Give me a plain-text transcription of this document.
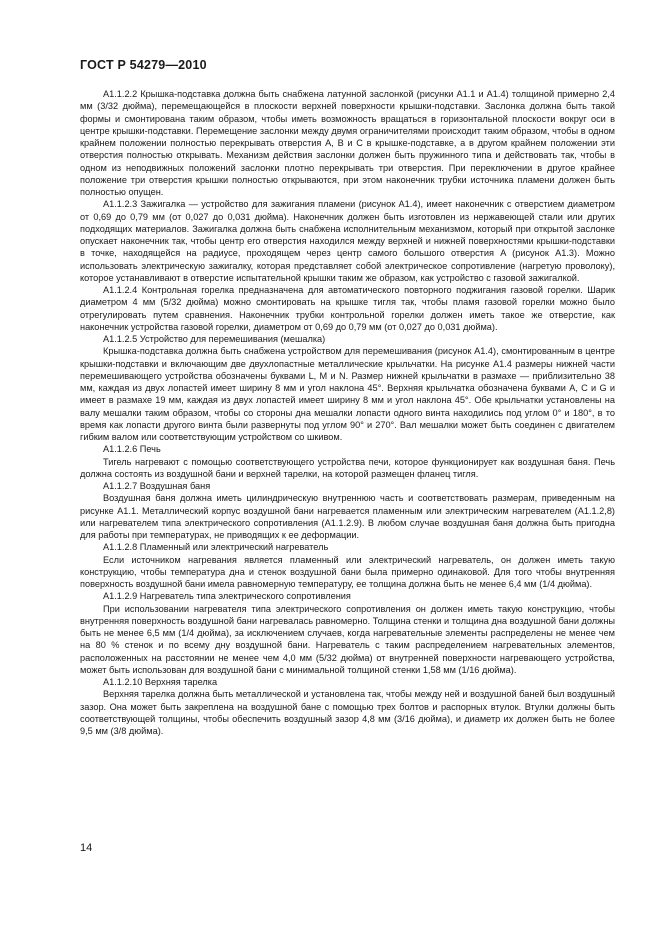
ГОСТ Р 54279—2010

А1.1.2.2 Крышка-подставка должна быть снабжена латунной заслонкой (рисунки А1.1 и А1.4) толщиной примерно 2,4 мм (3/32 дюйма), перемещающейся в плоскости верхней поверхности крышки-подставки. Заслонка должна быть такой формы и смонтирована таким образом, чтобы иметь возможность вращаться в горизонтальной плоскости вокруг оси в центре крышки-подставки. Перемещение заслонки между двумя ограничителями происходит таким образом, чтобы в одном крайнем положении полностью перекрывать отверстия A, B и C в крышке-подставке, а в другом крайнем положении эти отверстия полностью открывать. Механизм действия заслонки должен быть пружинного типа и действовать так, чтобы в одном из неподвижных положений заслонки плотно перекрывать три отверстия. При переключении в другое крайнее положение три отверстия крышки полностью открываются, при этом наконечник трубки источника пламени должен быть полностью опущен.

А1.1.2.3 Зажигалка — устройство для зажигания пламени (рисунок А1.4), имеет наконечник с отверстием диаметром от 0,69 до 0,79 мм (от 0,027 до 0,031 дюйма). Наконечник должен быть изготовлен из нержавеющей стали или других подходящих материалов. Зажигалка должна быть снабжена исполнительным механизмом, который при открытой заслонке опускает наконечник так, чтобы центр его отверстия находился между верхней и нижней поверхностями крышки-подставки в точке, находящейся на радиусе, проходящем через центр самого большого отверстия A (рисунок А1.3). Можно использовать электрическую зажигалку, которая представляет собой электрическое сопротивление (нагретую проволоку), которое устанавливают в отверстие испытательной крышки таким же образом, как устройство с газовой зажигалкой.

А1.1.2.4 Контрольная горелка предназначена для автоматического повторного поджигания газовой горелки. Шарик диаметром 4 мм (5/32 дюйма) можно смонтировать на крышке тигля так, чтобы пламя газовой горелки можно было отрегулировать путем сравнения. Наконечник трубки контрольной горелки должен иметь такое же отверстие, как наконечник устройства газовой горелки, диаметром от 0,69 до 0,79 мм (от 0,027 до 0,031 дюйма).

А1.1.2.5 Устройство для перемешивания (мешалка)

Крышка-подставка должна быть снабжена устройством для перемешивания (рисунок А1.4), смонтированным в центре крышки-подставки и включающим две двухлопастные металлические крыльчатки. На рисунке А1.4 размеры нижней части перемешивающего устройства обозначены буквами L, M и N. Размер нижней крыльчатки в размахе — приблизительно 38 мм, каждая из двух лопастей имеет ширину 8 мм и угол наклона 45°. Верхняя крыльчатка обозначена буквами A, C и G и имеет в размахе 19 мм, каждая из двух лопастей имеет ширину 8 мм и угол наклона 45°. Обе крыльчатки установлены на валу мешалки таким образом, чтобы со стороны дна мешалки лопасти одного винта находились под углом 0° и 180°, в то время как лопасти другого винта были развернуты под углом 90° и 270°. Вал мешалки может быть соединен с двигателем гибким валом или соответствующим устройством со шкивом.

А1.1.2.6 Печь

Тигель нагревают с помощью соответствующего устройства печи, которое функционирует как воздушная баня. Печь должна состоять из воздушной бани и верхней тарелки, на которой размещен фланец тигля.

А1.1.2.7 Воздушная баня

Воздушная баня должна иметь цилиндрическую внутреннюю часть и соответствовать размерам, приведенным на рисунке А1.1. Металлический корпус воздушной бани нагревается пламенным или электрическим нагревателем (А1.1.2,8) или нагревателем типа электрического сопротивления (А1.1.2.9). В любом случае воздушная баня должна быть пригодна для работы при температурах, не приводящих к ее деформации.

А1.1.2.8 Пламенный или электрический нагреватель

Если источником нагревания является пламенный или электрический нагреватель, он должен иметь такую конструкцию, чтобы температура дна и стенок воздушной бани была примерно одинаковой. Для того чтобы внутренняя поверхность воздушной бани имела равномерную температуру, ее толщина должна быть не менее 6,4 мм (1/4 дюйма).

А1.1.2.9 Нагреватель типа электрического сопротивления

При использовании нагревателя типа электрического сопротивления он должен иметь такую конструкцию, чтобы внутренняя поверхность воздушной бани нагревалась равномерно. Толщина стенки и толщина дна воздушной бани должны быть не менее 6,5 мм (1/4 дюйма), за исключением случаев, когда нагревательные элементы распределены не менее чем на 80 % стенок и по всему дну воздушной бани. Нагреватель с таким распределением нагревательных элементов, расположенных на расстоянии не менее чем 4,0 мм (5/32 дюйма) от внутренней поверхности нагревающего устройства, может быть использован для воздушной бани с минимальной толщиной стенки 1,58 мм (1/16 дюйма).

А1.1.2.10 Верхняя тарелка

Верхняя тарелка должна быть металлической и установлена так, чтобы между ней и воздушной баней был воздушный зазор. Она может быть закреплена на воздушной бане с помощью трех болтов и распорных втулок. Втулки должны быть соответствующей толщины, чтобы обеспечить воздушный зазор 4,8 мм (3/16 дюйма), и диаметр их должен быть не более 9,5 мм (3/8 дюйма).

14
